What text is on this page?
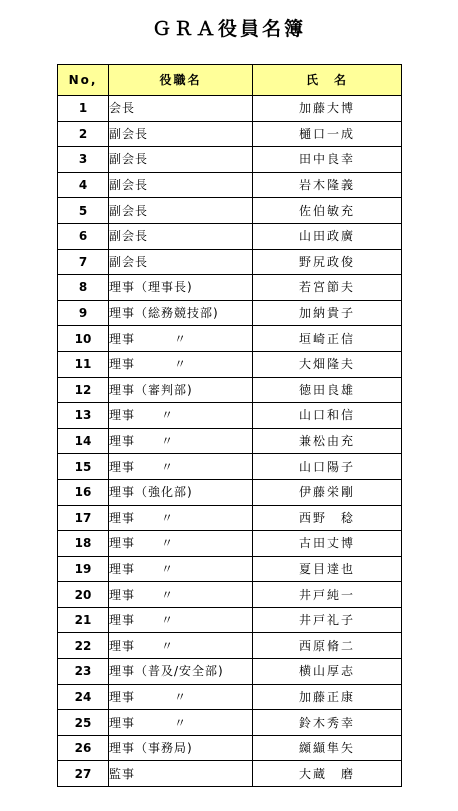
ＧＲＡ役員名簿
No,	役職名	氏　名
1	会長	加藤大博
2	副会長	樋口一成
3	副会長	田中良幸
4	副会長	岩木隆義
5	副会長	佐伯敏充
6	副会長	山田政廣
7	副会長	野尻政俊
8	理事（理事長)	若宮節夫
9	理事（総務競技部)	加納貴子
10	理事　　　〃	垣崎正信
11	理事　　　〃	大畑隆夫
12	理事（審判部)	徳田良雄
13	理事　　〃	山口和信
14	理事　　〃	兼松由充
15	理事　　〃	山口陽子
16	理事（強化部)	伊藤栄剛
17	理事　　〃	西野　稔
18	理事　　〃	古田丈博
19	理事　　〃	夏目達也
20	理事　　〃	井戸純一
21	理事　　〃	井戸礼子
22	理事　　〃	西原脩二
23	理事（普及/安全部)	横山厚志
24	理事　　　〃	加藤正康
25	理事　　　〃	鈴木秀幸
26	理事（事務局)	纐纈隼矢
27	監事	大蔵　磨
